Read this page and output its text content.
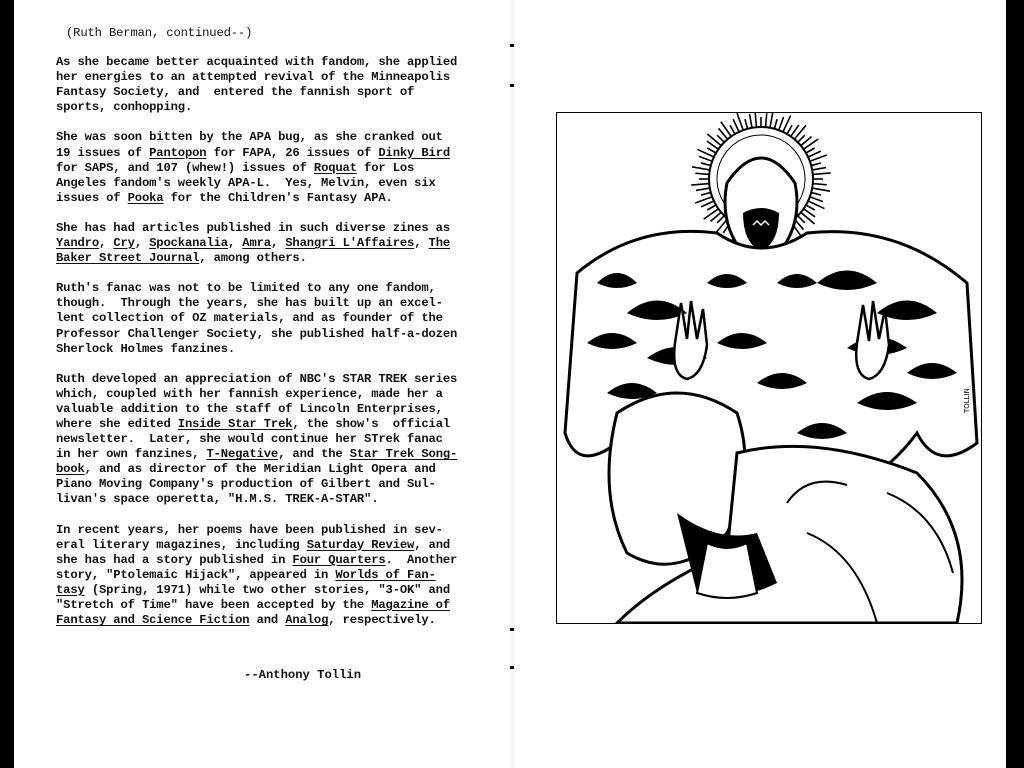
(Ruth Berman, continued--)

As she became better acquainted with fandom, she applied
her energies to an attempted revival of the Minneapolis
Fantasy Society, and  entered the fannish sport of
sports, conhopping.

She was soon bitten by the APA bug, as she cranked out
19 issues of Pantopon for FAPA, 26 issues of Dinky Bird
for SAPS, and 107 (whew!) issues of Roquat for Los
Angeles fandom's weekly APA-L.  Yes, Melvin, even six
issues of Pooka for the Children's Fantasy APA.

She has had articles published in such diverse zines as
Yandro, Cry, Spockanalia, Amra, Shangri L'Affaires, The
Baker Street Journal, among others.

Ruth's fanac was not to be limited to any one fandom,
though.  Through the years, she has built up an excel-
lent collection of OZ materials, and as founder of the
Professor Challenger Society, she published half-a-dozen
Sherlock Holmes fanzines.

Ruth developed an appreciation of NBC's STAR TREK series
which, coupled with her fannish experience, made her a
valuable addition to the staff of Lincoln Enterprises,
where she edited Inside Star Trek, the show's  official
newsletter.  Later, she would continue her STrek fanac
in her own fanzines, T-Negative, and the Star Trek Song-
book, and as director of the Meridian Light Opera and
Piano Moving Company's production of Gilbert and Sul-
livan's space operetta, "H.M.S. TREK-A-STAR".

In recent years, her poems have been published in sev-
eral literary magazines, including Saturday Review, and
she has had a story published in Four Quarters.  Another
story, "Ptolemaic Hijack", appeared in Worlds of Fan-
tasy (Spring, 1971) while two other stories, "3-OK" and
"Stretch of Time" have been accepted by the Magazine of
Fantasy and Science Fiction and Analog, respectively.

--Anthony Tollin
TOLLIN
